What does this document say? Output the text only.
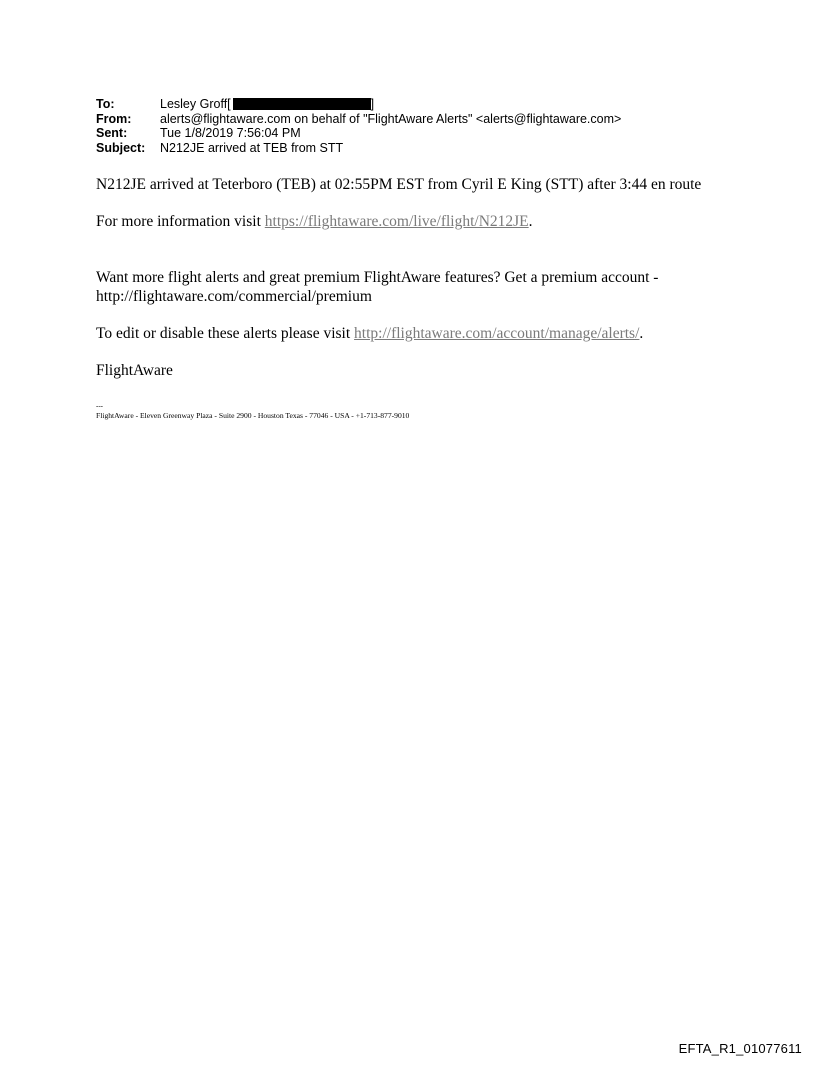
To:	Lesley Groff[	]
From:	alerts@flightaware.com on behalf of "FlightAware Alerts" <alerts@flightaware.com>
Sent:	Tue 1/8/2019 7:56:04 PM
Subject:	N212JE arrived at TEB from STT

N212JE arrived at Teterboro (TEB) at 02:55PM EST from Cyril E King (STT) after 3:44 en route

For more information visit https://flightaware.com/live/flight/N212JE.

Want more flight alerts and great premium FlightAware features? Get a premium account - http://flightaware.com/commercial/premium

To edit or disable these alerts please visit http://flightaware.com/account/manage/alerts/.

FlightAware

---
FlightAware - Eleven Greenway Plaza - Suite 2900 - Houston Texas - 77046 - USA - +1-713-877-9010
EFTA_R1_01077611
